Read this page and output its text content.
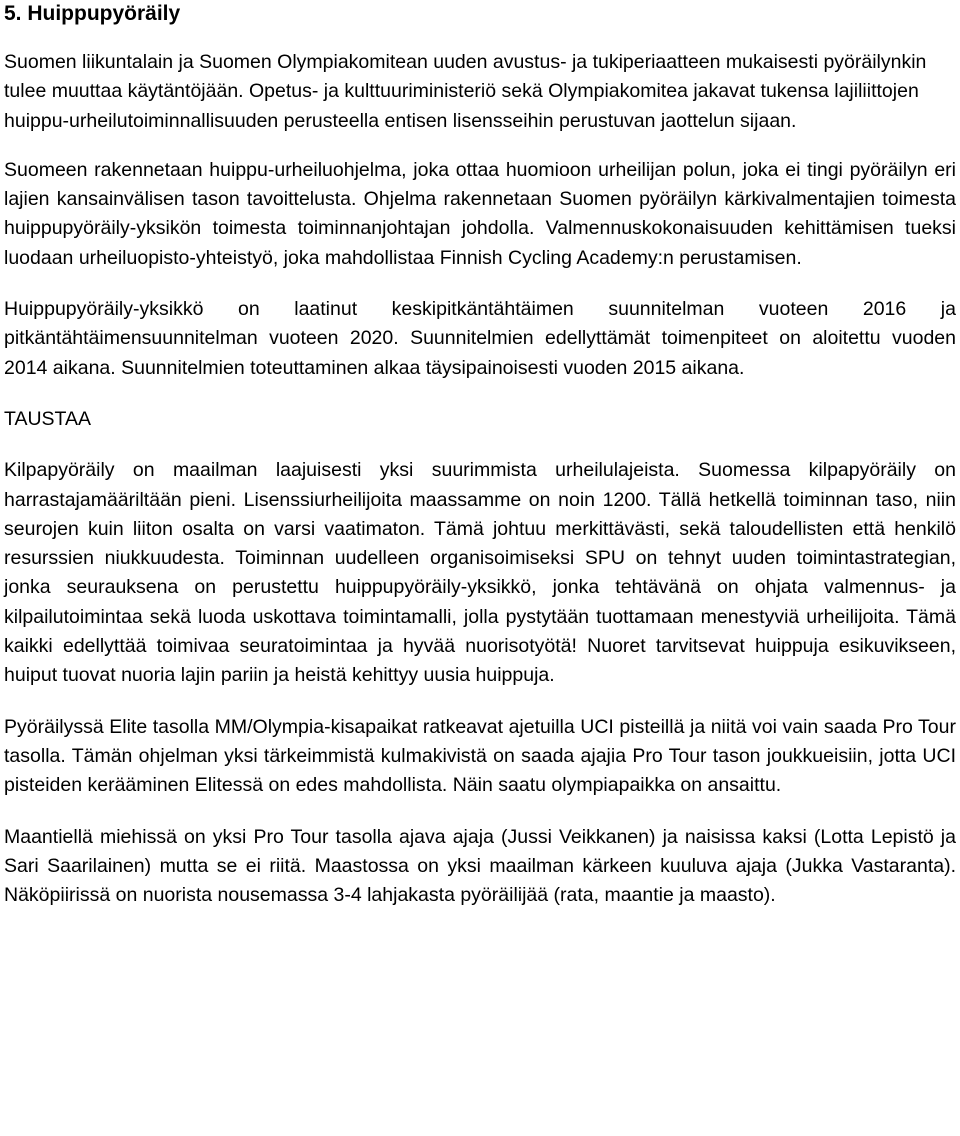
5. Huippupyöräily

Suomen liikuntalain ja Suomen Olympiakomitean uuden avustus- ja tukiperiaatteen mukaisesti pyöräilynkin tulee muuttaa käytäntöjään. Opetus- ja kulttuuriministeriö sekä Olympiakomitea jakavat tukensa lajiliittojen huippu-urheilutoiminnallisuuden perusteella entisen lisensseihin perustuvan jaottelun sijaan.

Suomeen rakennetaan huippu-urheiluohjelma, joka ottaa huomioon urheilijan polun, joka ei tingi pyöräilyn eri lajien kansainvälisen tason tavoittelusta. Ohjelma rakennetaan Suomen pyöräilyn kärkivalmentajien toimesta huippupyöräily-yksikön toimesta toiminnanjohtajan johdolla. Valmennuskokonaisuuden kehittämisen tueksi luodaan urheiluopisto-yhteistyö, joka mahdollistaa Finnish Cycling Academy:n perustamisen.

Huippupyöräily-yksikkö on laatinut keskipitkäntähtäimen suunnitelman vuoteen 2016 ja pitkäntähtäimensuunnitelman vuoteen 2020. Suunnitelmien edellyttämät toimenpiteet on aloitettu vuoden 2014 aikana. Suunnitelmien toteuttaminen alkaa täysipainoisesti vuoden 2015 aikana.

TAUSTAA

Kilpapyöräily on maailman laajuisesti yksi suurimmista urheilulajeista. Suomessa kilpapyöräily on harrastajamääriltään pieni. Lisenssiurheilijoita maassamme on noin 1200. Tällä hetkellä toiminnan taso, niin seurojen kuin liiton osalta on varsi vaatimaton. Tämä johtuu merkittävästi, sekä taloudellisten että henkilö resurssien niukkuudesta. Toiminnan uudelleen organisoimiseksi SPU on tehnyt uuden toimintastrategian, jonka seurauksena on perustettu huippupyöräily-yksikkö, jonka tehtävänä on ohjata valmennus- ja kilpailutoimintaa sekä luoda uskottava toimintamalli, jolla pystytään tuottamaan menestyviä urheilijoita. Tämä kaikki edellyttää toimivaa seuratoimintaa ja hyvää nuorisotyötä! Nuoret tarvitsevat huippuja esikuvikseen, huiput tuovat nuoria lajin pariin ja heistä kehittyy uusia huippuja.

Pyöräilyssä Elite tasolla MM/Olympia-kisapaikat ratkeavat ajetuilla UCI pisteillä ja niitä voi vain saada Pro Tour tasolla. Tämän ohjelman yksi tärkeimmistä kulmakivistä on saada ajajia Pro Tour tason joukkueisiin, jotta UCI pisteiden kerääminen Elitessä on edes mahdollista. Näin saatu olympiapaikka on ansaittu.

Maantiellä miehissä on yksi Pro Tour tasolla ajava ajaja (Jussi Veikkanen) ja naisissa kaksi (Lotta Lepistö ja Sari Saarilainen) mutta se ei riitä. Maastossa on yksi maailman kärkeen kuuluva ajaja (Jukka Vastaranta). Näköpiirissä on nuorista nousemassa 3-4 lahjakasta pyöräilijää (rata, maantie ja maasto).
